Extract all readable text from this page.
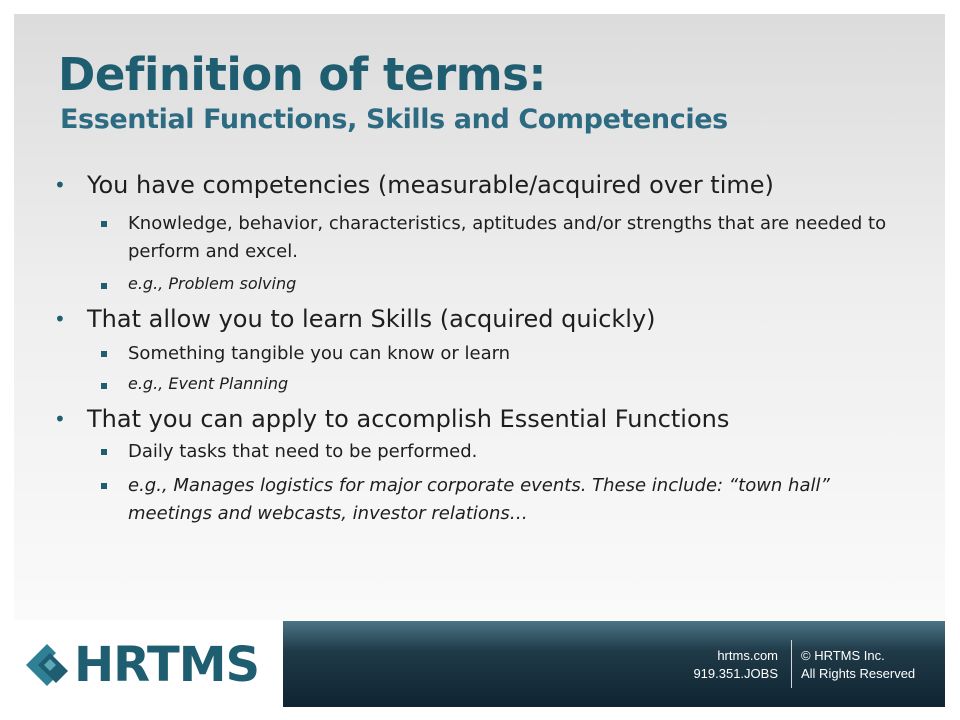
Definition of terms:
Essential Functions, Skills and Competencies
• You have competencies (measurable/acquired over time)
Knowledge, behavior, characteristics, aptitudes and/or strengths that are needed to perform and excel.
e.g., Problem solving
• That allow you to learn Skills (acquired quickly)
Something tangible you can know or learn
e.g., Event Planning
• That you can apply to accomplish Essential Functions
Daily tasks that need to be performed.
e.g., Manages logistics for major corporate events. These include: “town hall” meetings and webcasts, investor relations…
HRTMS	hrtms.com
919.351.JOBS
© HRTMS Inc.
All Rights Reserved
